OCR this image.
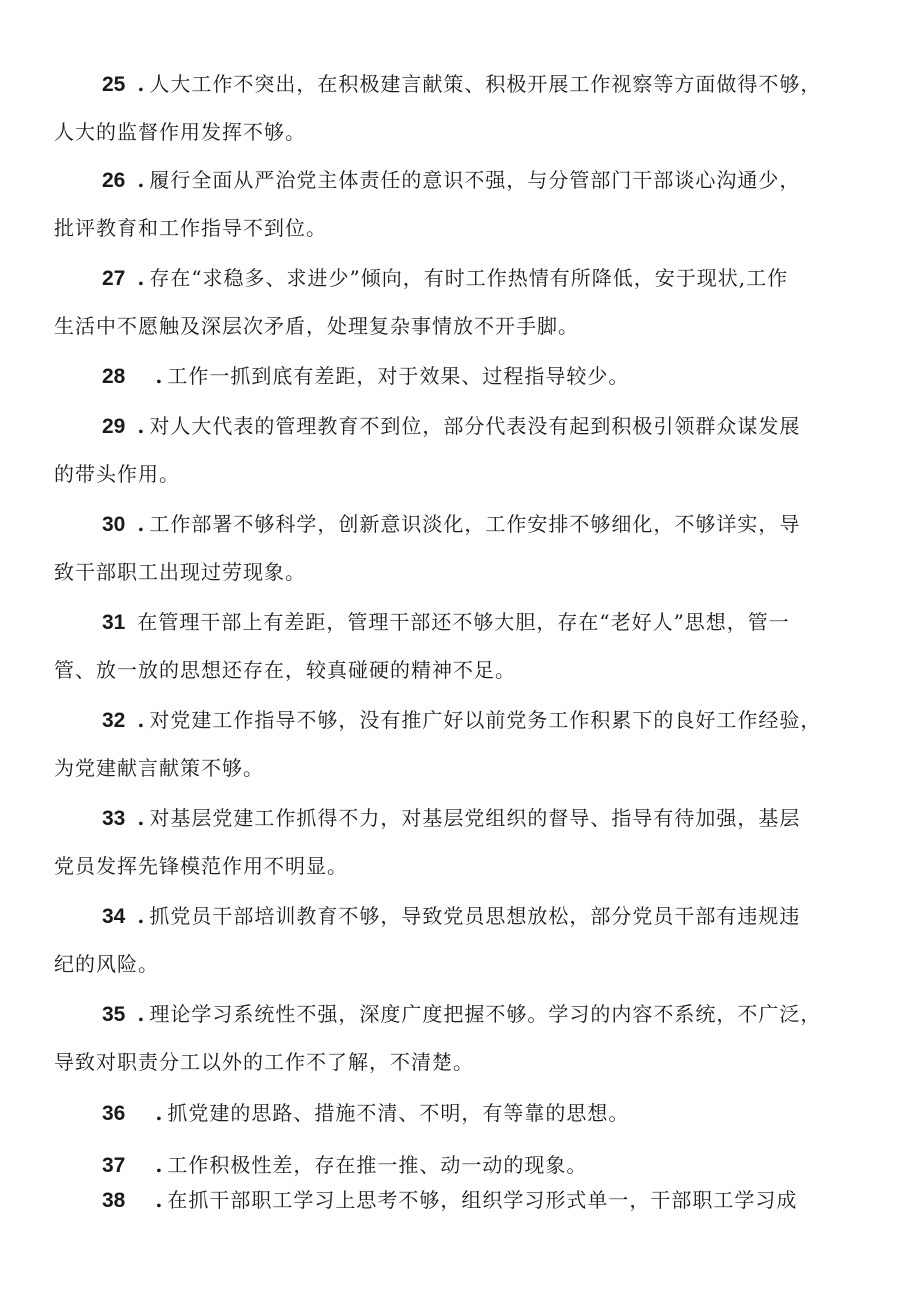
25 . 人大工作不突出，在积极建言献策、积极开展工作视察等方面做得不够，
人大的监督作用发挥不够。
26 . 履行全面从严治党主体责任的意识不强，与分管部门干部谈心沟通少，
批评教育和工作指导不到位。
27 . 存在“求稳多、求进少”倾向，有时工作热情有所降低，安于现状,工作
生活中不愿触及深层次矛盾，处理复杂事情放不开手脚。
28 . 工作一抓到底有差距，对于效果、过程指导较少。
29 . 对人大代表的管理教育不到位，部分代表没有起到积极引领群众谋发展
的带头作用。
30 . 工作部署不够科学，创新意识淡化，工作安排不够细化，不够详实，导
致干部职工出现过劳现象。
31 在管理干部上有差距，管理干部还不够大胆，存在“老好人”思想，管一
管、放一放的思想还存在，较真碰硬的精神不足。
32 . 对党建工作指导不够，没有推广好以前党务工作积累下的良好工作经验，
为党建献言献策不够。
33 . 对基层党建工作抓得不力，对基层党组织的督导、指导有待加强，基层
党员发挥先锋模范作用不明显。
34 . 抓党员干部培训教育不够，导致党员思想放松，部分党员干部有违规违
纪的风险。
35 . 理论学习系统性不强，深度广度把握不够。学习的内容不系统，不广泛，
导致对职责分工以外的工作不了解，不清楚。
36 . 抓党建的思路、措施不清、不明，有等靠的思想。
37 . 工作积极性差，存在推一推、动一动的现象。
38 . 在抓干部职工学习上思考不够，组织学习形式单一，干部职工学习成
